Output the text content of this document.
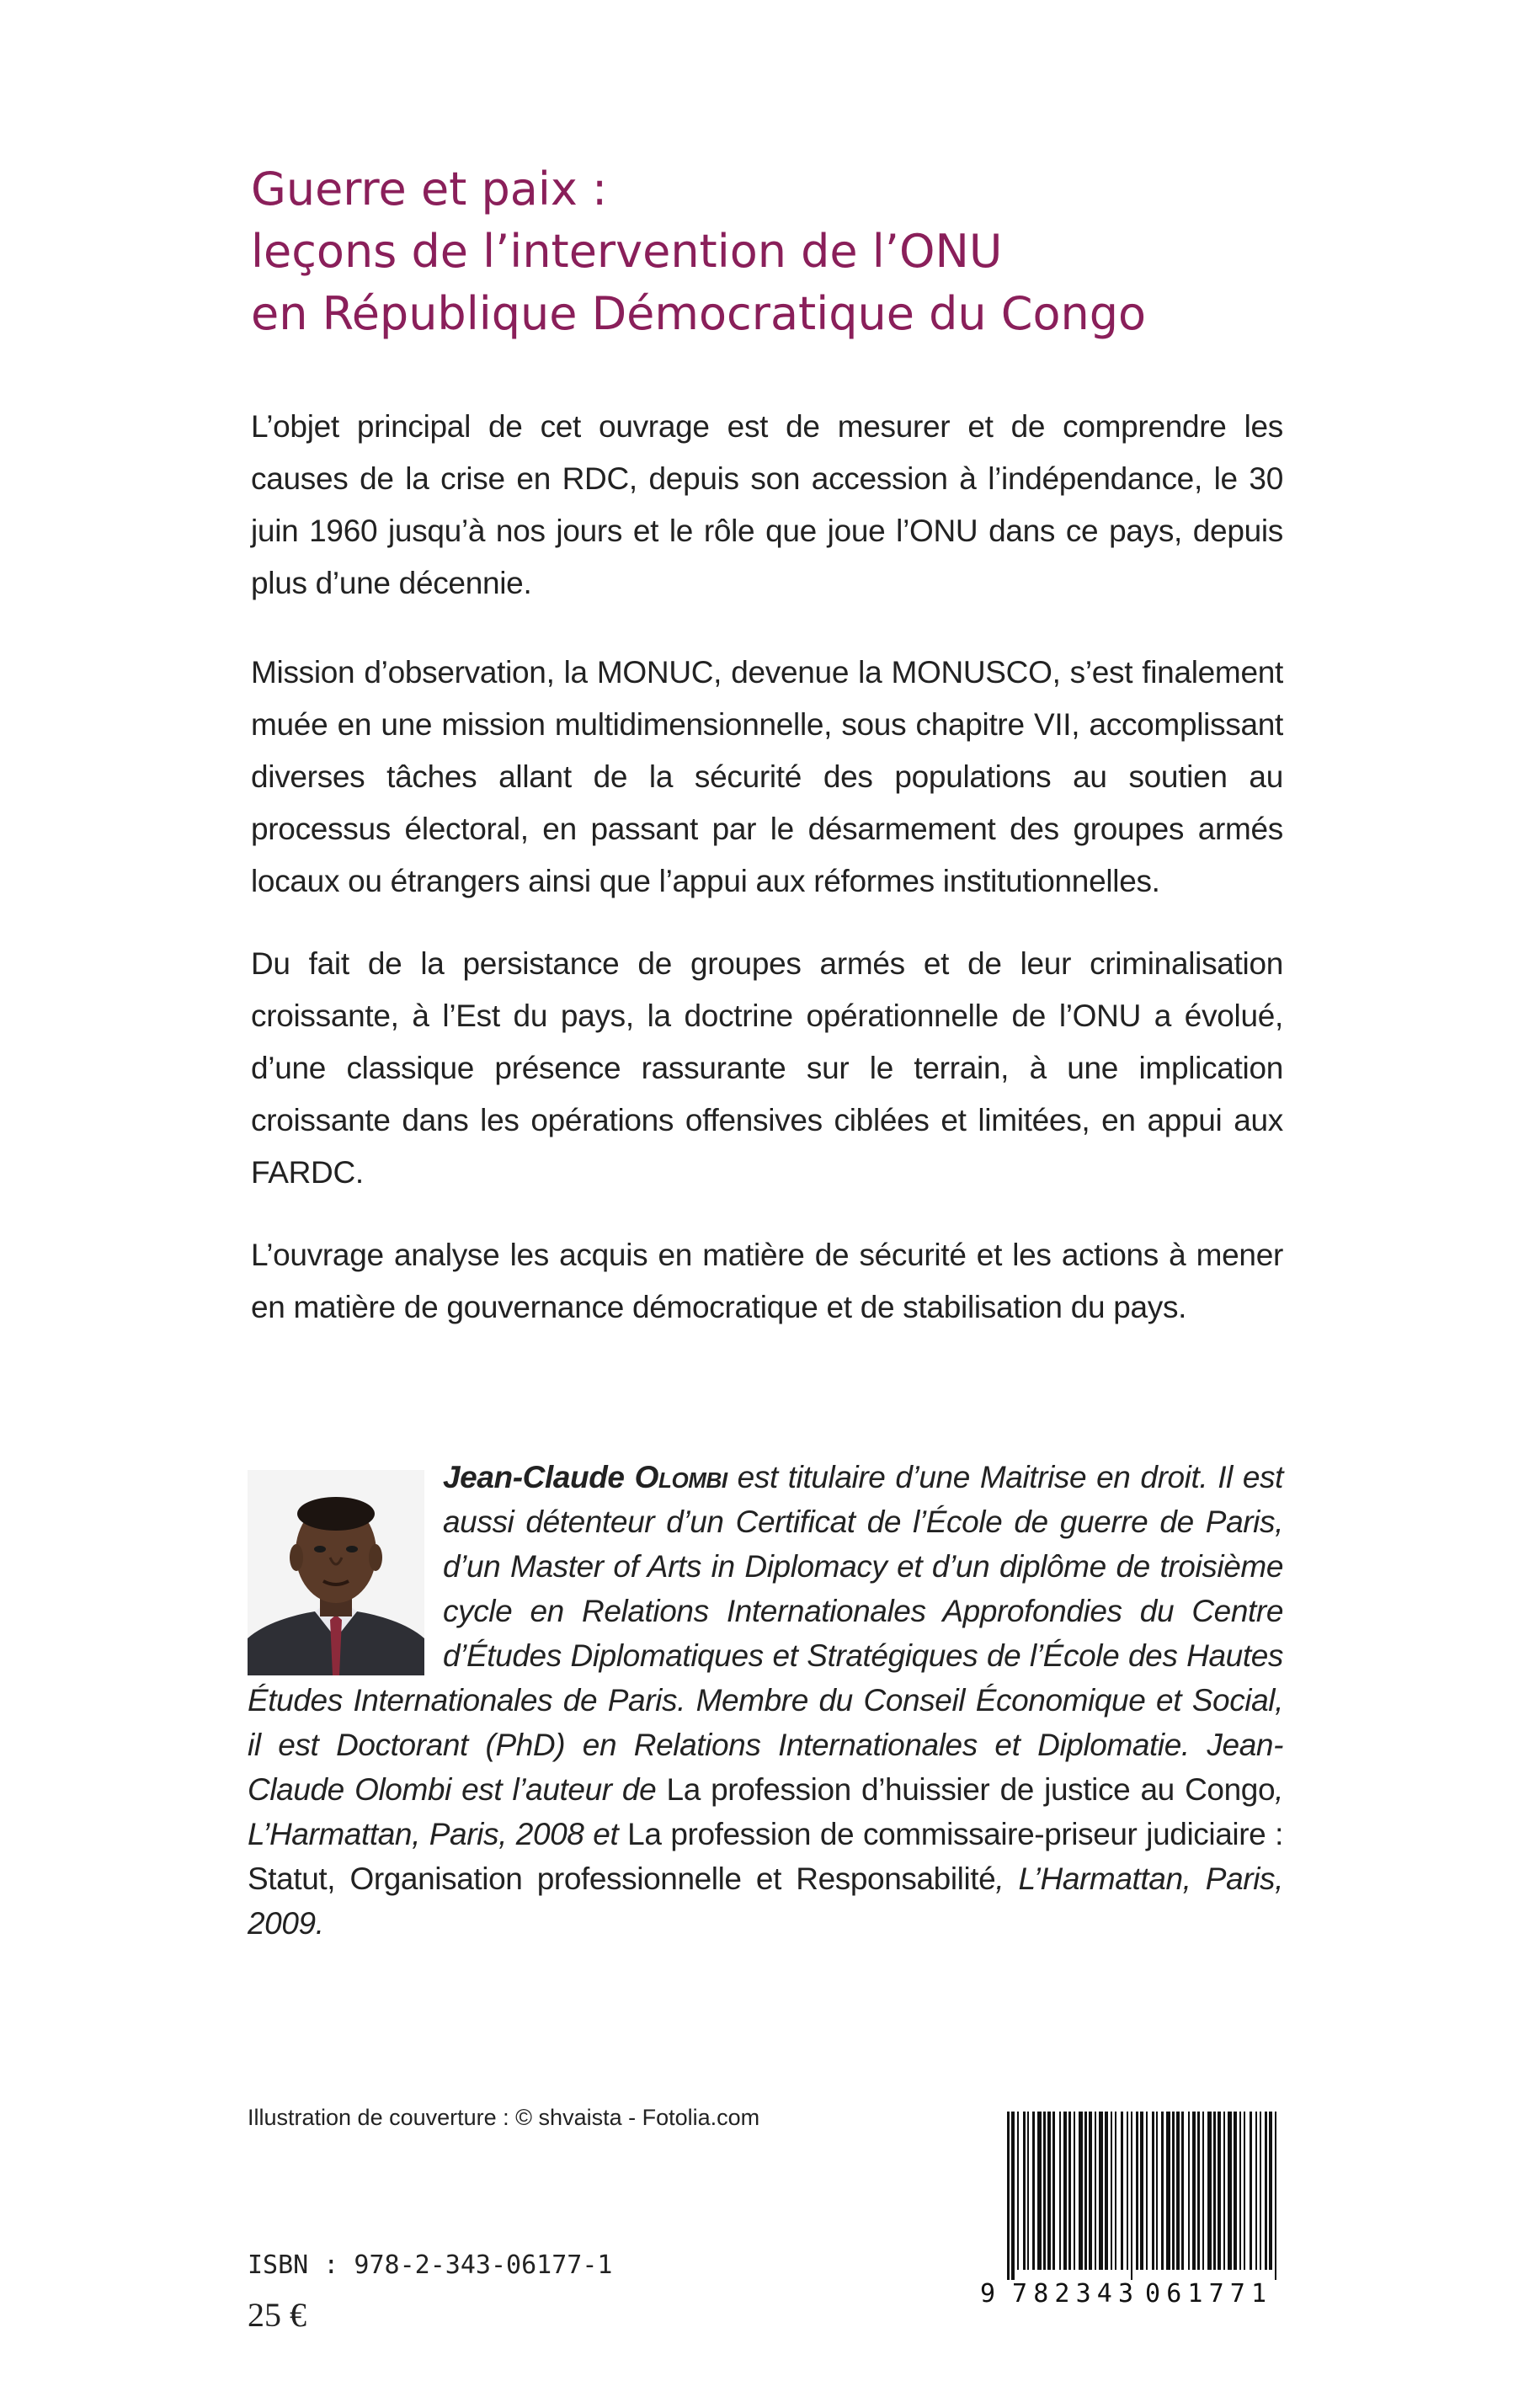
Guerre et paix :
leçons de l’intervention de l’ONU
en République Démocratique du Congo

L’objet principal de cet ouvrage est de mesurer et de comprendre les causes de la crise en RDC, depuis son accession à l’indépendance, le 30 juin 1960 jusqu’à nos jours et le rôle que joue l’ONU dans ce pays, depuis plus d’une décennie.

Mission d’observation, la MONUC, devenue la MONUSCO, s’est finalement muée en une mission multidimensionnelle, sous chapitre VII, accomplissant diverses tâches allant de la sécurité des populations au soutien au processus électoral, en passant par le désarmement des groupes armés locaux ou étrangers ainsi que l’appui aux réformes institutionnelles.

Du fait de la persistance de groupes armés et de leur criminalisation croissante, à l’Est du pays, la doctrine opérationnelle de l’ONU a évolué, d’une classique présence rassurante sur le terrain, à une implication croissante dans les opérations offensives ciblées et limitées, en appui aux FARDC.

L’ouvrage analyse les acquis en matière de sécurité et les actions à mener en matière de gouvernance démocratique et de stabilisation du pays.

Jean-Claude Olombi est titulaire d’une Maitrise en droit. Il est aussi détenteur d’un Certificat de l’École de guerre de Paris, d’un Master of Arts in Diplomacy et d’un diplôme de troisième cycle en Relations Internationales Approfondies du Centre d’Études Diplomatiques et Stratégiques de l’École des Hautes Études Internationales de Paris. Membre du Conseil Économique et Social, il est Doctorant (PhD) en Relations Internationales et Diplomatie. Jean-Claude Olombi est l’auteur de La profession d’huissier de justice au Congo, L’Harmattan, Paris, 2008 et La profession de commissaire-priseur judiciaire : Statut, Organisation professionnelle et Responsabilité, L’Harmattan, Paris, 2009.

Illustration de couverture : © shvaista - Fotolia.com
ISBN : 978-2-343-06177-1
25 €
9 782343 061771
